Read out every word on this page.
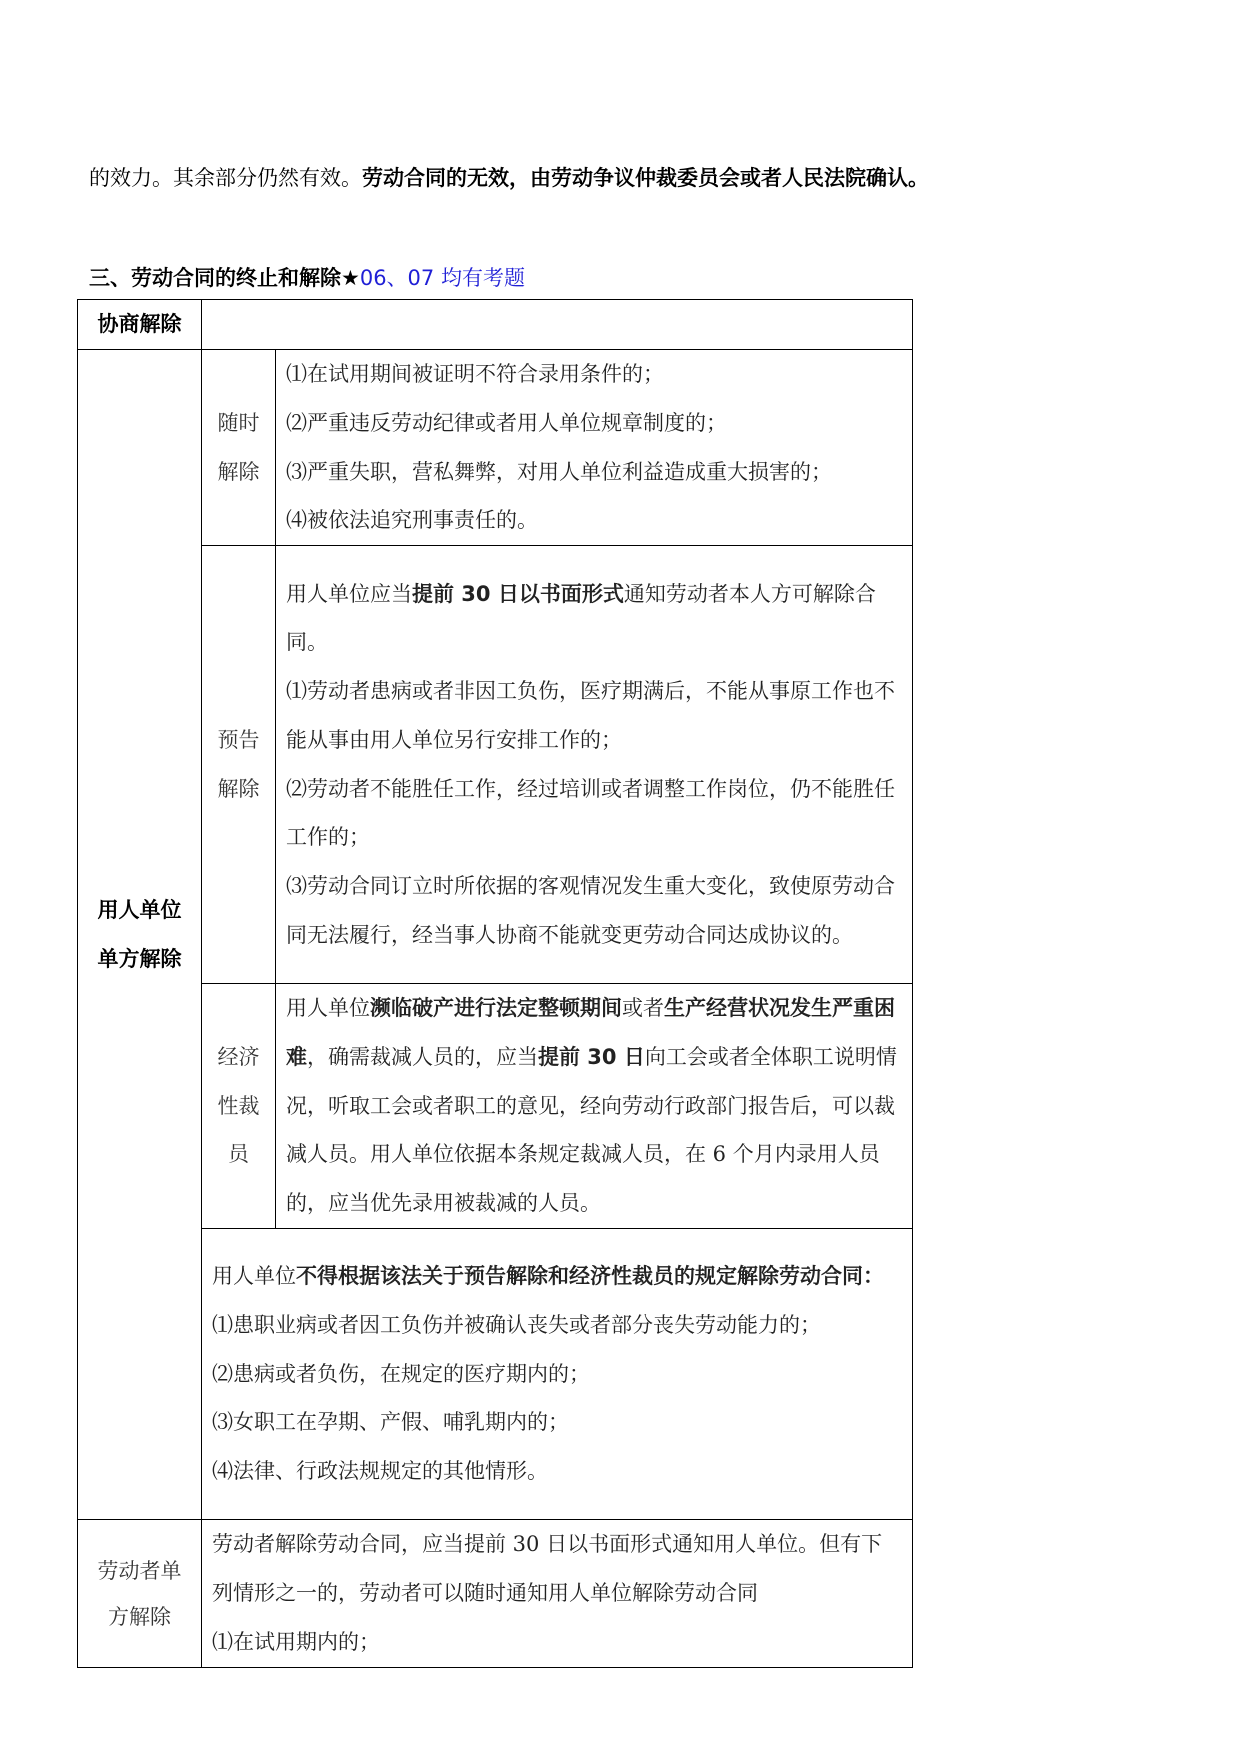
的效力。其余部分仍然有效。劳动合同的无效，由劳动争议仲裁委员会或者人民法院确认。
三、劳动合同的终止和解除★06、07 均有考题
协商解除		

用人单位单方解除	随时解除	⑴在试用期间被证明不符合录用条件的；
⑵严重违反劳动纪律或者用人单位规章制度的；
⑶严重失职，营私舞弊，对用人单位利益造成重大损害的；
⑷被依法追究刑事责任的。

	预告解除	用人单位应当提前 30 日以书面形式通知劳动者本人方可解除合同。
⑴劳动者患病或者非因工负伤，医疗期满后，不能从事原工作也不能从事由用人单位另行安排工作的；
⑵劳动者不能胜任工作，经过培训或者调整工作岗位，仍不能胜任工作的；
⑶劳动合同订立时所依据的客观情况发生重大变化，致使原劳动合同无法履行，经当事人协商不能就变更劳动合同达成协议的。

	经济性裁员	用人单位濒临破产进行法定整顿期间或者生产经营状况发生严重困难，确需裁减人员的，应当提前 30 日向工会或者全体职工说明情况，听取工会或者职工的意见，经向劳动行政部门报告后，可以裁减人员。用人单位依据本条规定裁减人员，在 6 个月内录用人员的，应当优先录用被裁减的人员。

	用人单位不得根据该法关于预告解除和经济性裁员的规定解除劳动合同：
⑴患职业病或者因工负伤并被确认丧失或者部分丧失劳动能力的；
⑵患病或者负伤，在规定的医疗期内的；
⑶女职工在孕期、产假、哺乳期内的；
⑷法律、行政法规规定的其他情形。	

劳动者单方解除	劳动者解除劳动合同，应当提前 30 日以书面形式通知用人单位。但有下列情形之一的，劳动者可以随时通知用人单位解除劳动合同
⑴在试用期内的；	
